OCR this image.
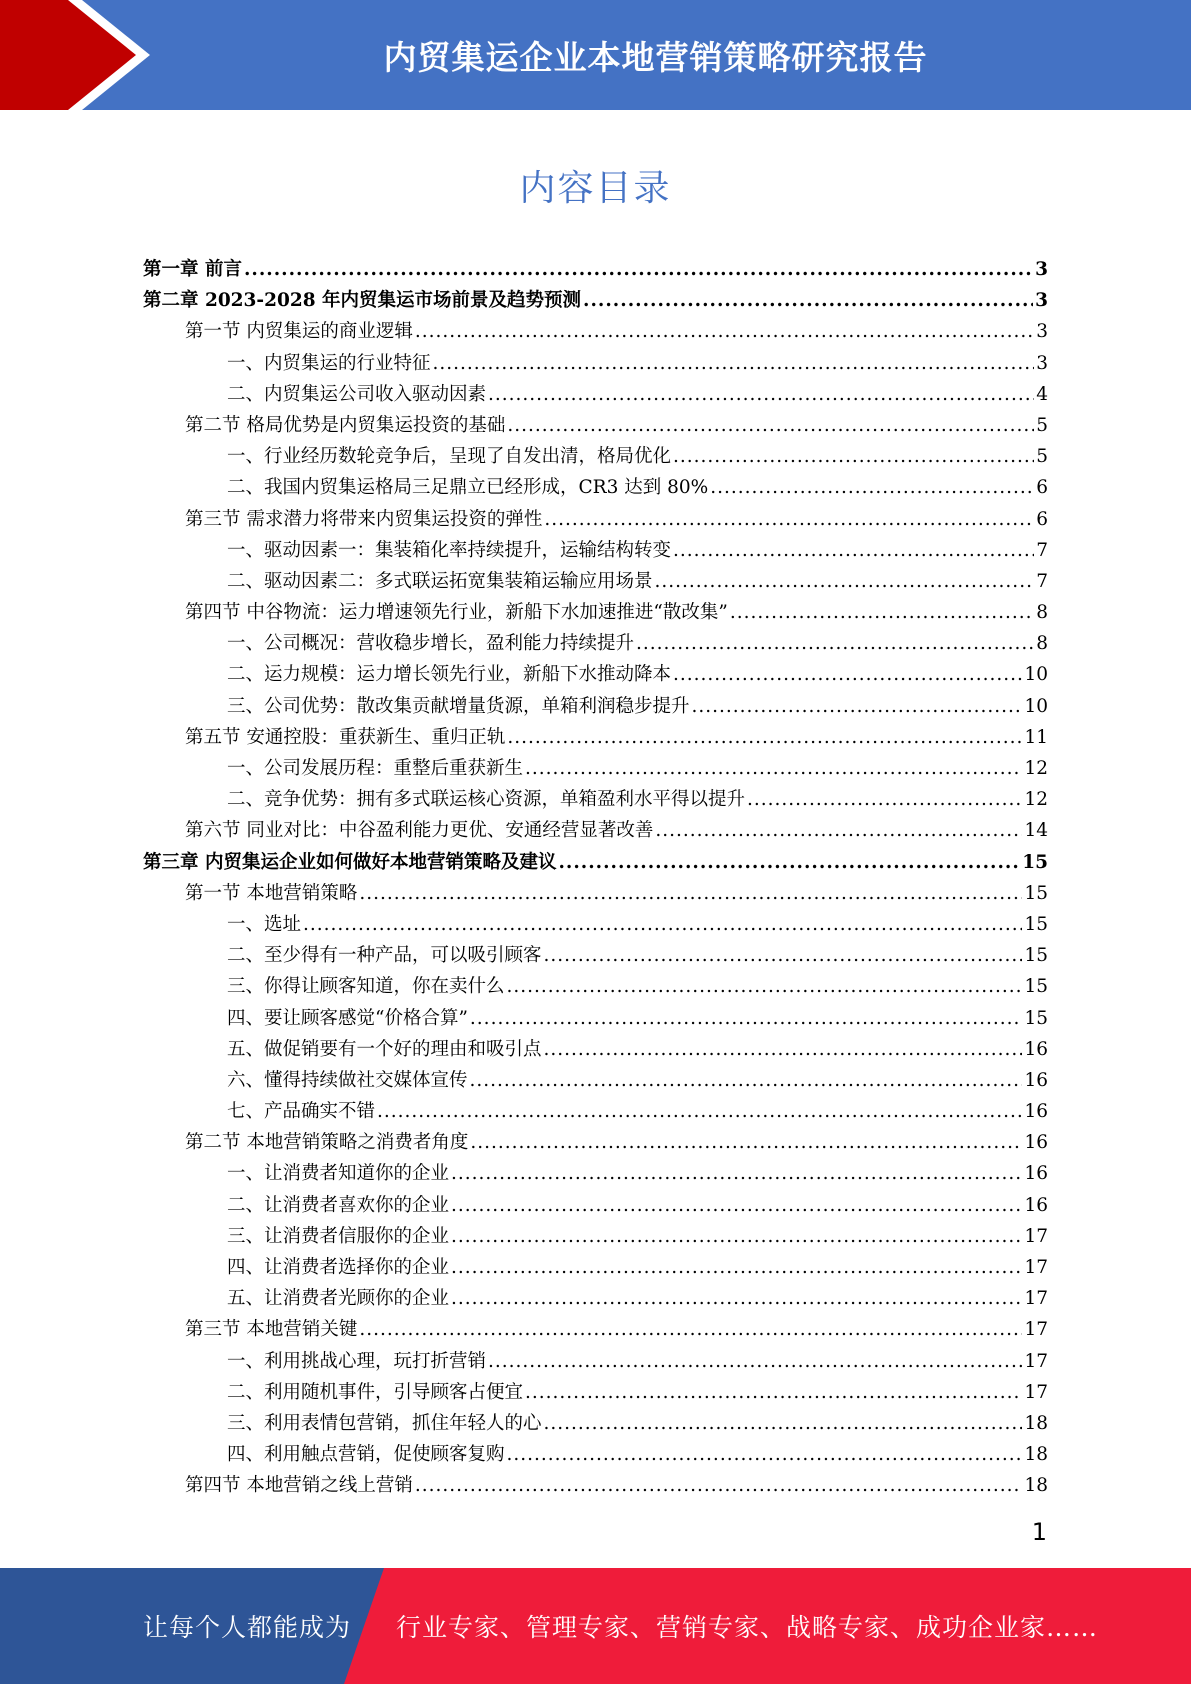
内贸集运企业本地营销策略研究报告
内容目录
第一章 前言 .....	3
第二章 2023-2028 年内贸集运市场前景及趋势预测 .....	3
第一节 内贸集运的商业逻辑 .....	3
一、内贸集运的行业特征 .....	3
二、内贸集运公司收入驱动因素 .....	4
第二节 格局优势是内贸集运投资的基础 .....	5
一、行业经历数轮竞争后，呈现了自发出清，格局优化 .....	5
二、我国内贸集运格局三足鼎立已经形成，CR3 达到 80% .....	6
第三节 需求潜力将带来内贸集运投资的弹性 .....	6
一、驱动因素一：集装箱化率持续提升，运输结构转变 .....	7
二、驱动因素二：多式联运拓宽集装箱运输应用场景 .....	7
第四节 中谷物流：运力增速领先行业，新船下水加速推进“散改集” .....	8
一、公司概况：营收稳步增长，盈利能力持续提升 .....	8
二、运力规模：运力增长领先行业，新船下水推动降本 .....	10
三、公司优势：散改集贡献增量货源，单箱利润稳步提升 .....	10
第五节 安通控股：重获新生、重归正轨 .....	11
一、公司发展历程：重整后重获新生 .....	12
二、竞争优势：拥有多式联运核心资源，单箱盈利水平得以提升 .....	12
第六节 同业对比：中谷盈利能力更优、安通经营显著改善 .....	14
第三章 内贸集运企业如何做好本地营销策略及建议 .....	15
第一节 本地营销策略 .....	15
一、选址 .....	15
二、至少得有一种产品，可以吸引顾客 .....	15
三、你得让顾客知道，你在卖什么 .....	15
四、要让顾客感觉“价格合算” .....	15
五、做促销要有一个好的理由和吸引点 .....	16
六、懂得持续做社交媒体宣传 .....	16
七、产品确实不错 .....	16
第二节 本地营销策略之消费者角度 .....	16
一、让消费者知道你的企业 .....	16
二、让消费者喜欢你的企业 .....	16
三、让消费者信服你的企业 .....	17
四、让消费者选择你的企业 .....	17
五、让消费者光顾你的企业 .....	17
第三节 本地营销关键 .....	17
一、利用挑战心理，玩打折营销 .....	17
二、利用随机事件，引导顾客占便宜 .....	17
三、利用表情包营销，抓住年轻人的心 .....	18
四、利用触点营销，促使顾客复购 .....	18
第四节 本地营销之线上营销 .....	18
1
让每个人都能成为 行业专家、管理专家、营销专家、战略专家、成功企业家……
